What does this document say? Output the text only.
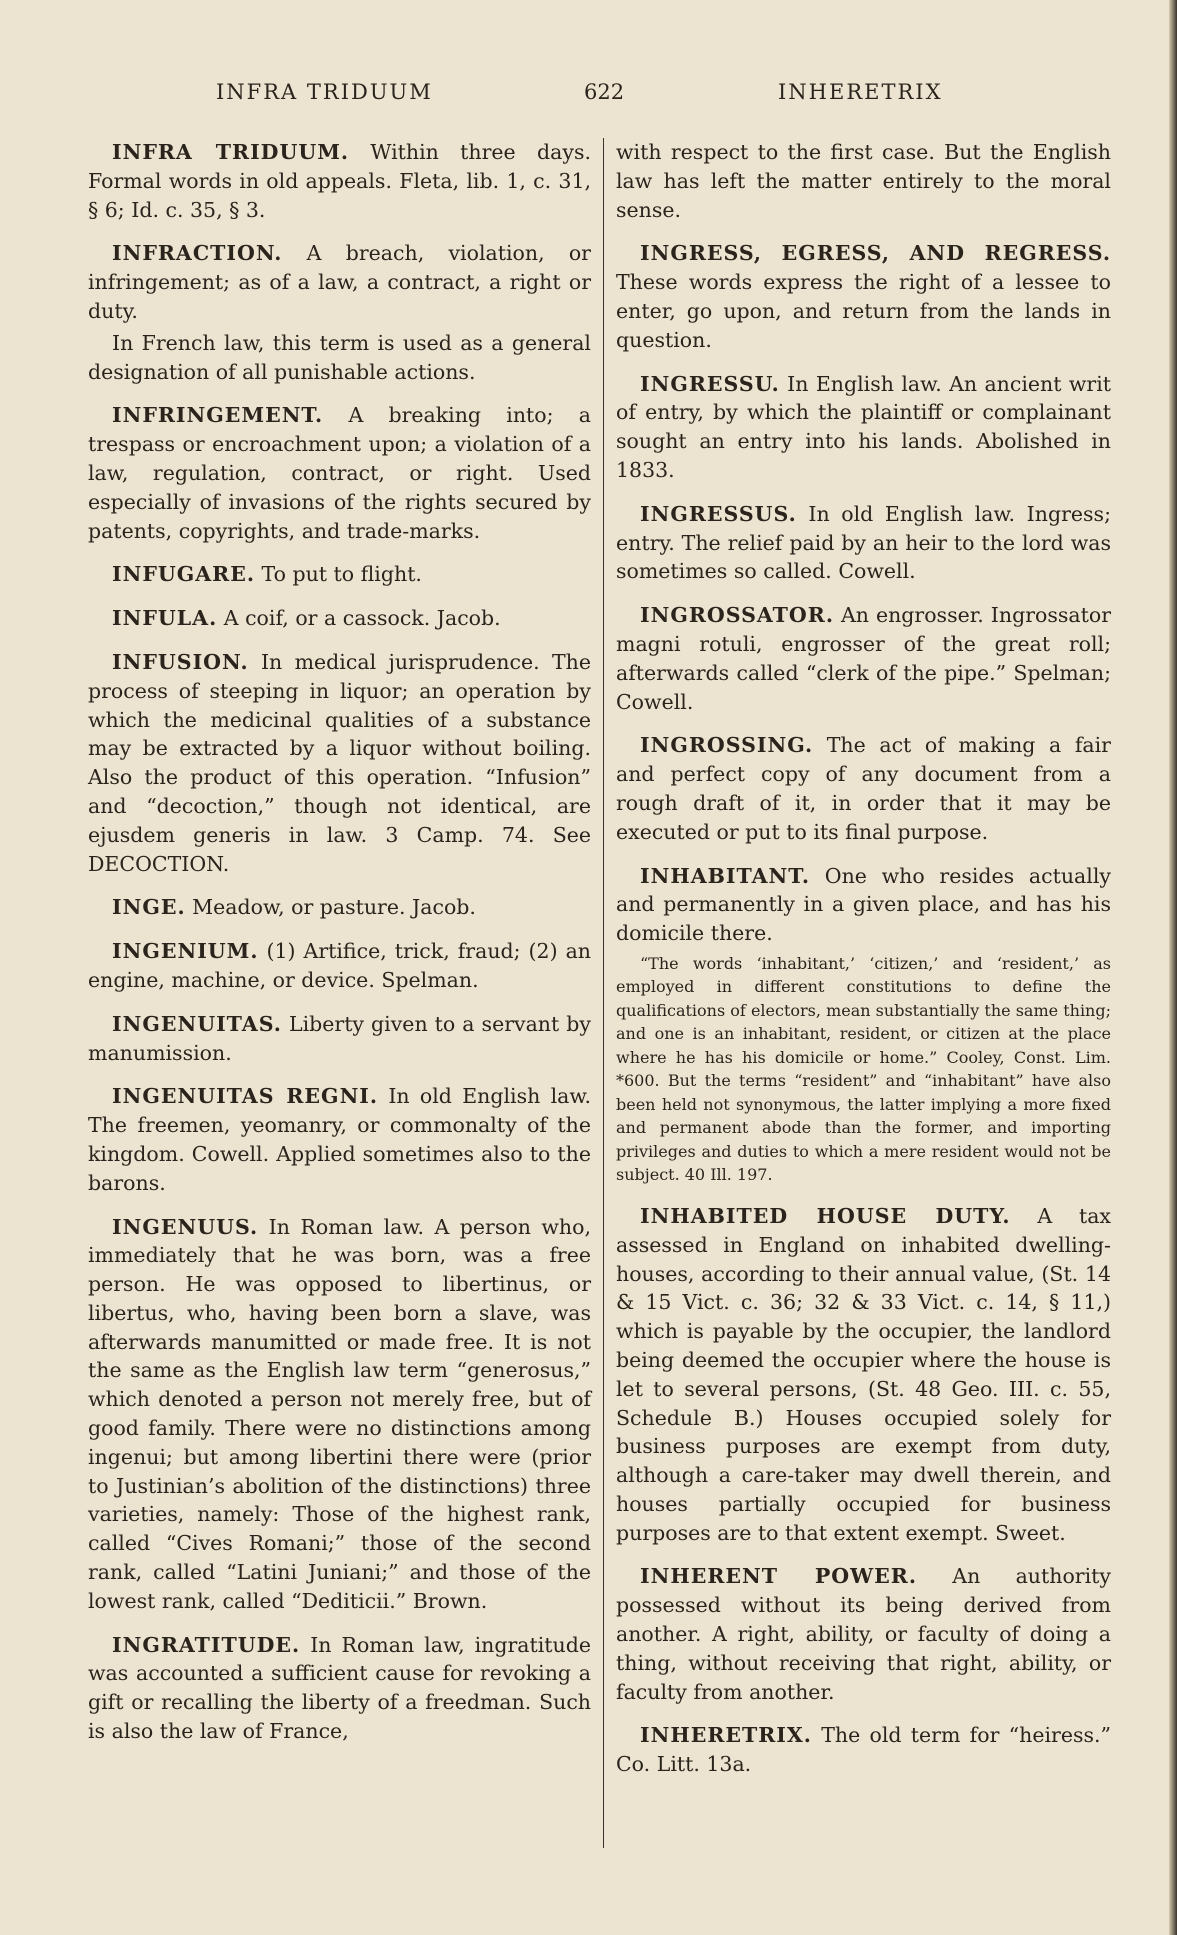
INFRA TRIDUUM	622	INHERETRIX

INFRA TRIDUUM. Within three days. Formal words in old appeals. Fleta, lib. 1, c. 31, § 6; Id. c. 35, § 3.

INFRACTION. A breach, violation, or infringement; as of a law, a contract, a right or duty.

In French law, this term is used as a general designation of all punishable actions.

INFRINGEMENT. A breaking into; a trespass or encroachment upon; a violation of a law, regulation, contract, or right. Used especially of invasions of the rights secured by patents, copyrights, and trade-marks.

INFUGARE. To put to flight.

INFULA. A coif, or a cassock. Jacob.

INFUSION. In medical jurisprudence. The process of steeping in liquor; an operation by which the medicinal qualities of a substance may be extracted by a liquor without boiling. Also the product of this operation. “Infusion” and “decoction,” though not identical, are ejusdem generis in law. 3 Camp. 74. See DECOCTION.

INGE. Meadow, or pasture. Jacob.

INGENIUM. (1) Artifice, trick, fraud; (2) an engine, machine, or device. Spelman.

INGENUITAS. Liberty given to a servant by manumission.

INGENUITAS REGNI. In old English law. The freemen, yeomanry, or commonalty of the kingdom. Cowell. Applied sometimes also to the barons.

INGENUUS. In Roman law. A person who, immediately that he was born, was a free person. He was opposed to libertinus, or libertus, who, having been born a slave, was afterwards manumitted or made free. It is not the same as the English law term “generosus,” which denoted a person not merely free, but of good family. There were no distinctions among ingenui; but among libertini there were (prior to Justinian’s abolition of the distinctions) three varieties, namely: Those of the highest rank, called “Cives Romani;” those of the second rank, called “Latini Juniani;” and those of the lowest rank, called “Dediticii.” Brown.

INGRATITUDE. In Roman law, ingratitude was accounted a sufficient cause for revoking a gift or recalling the liberty of a freedman. Such is also the law of France,

with respect to the first case. But the English law has left the matter entirely to the moral sense.

INGRESS, EGRESS, AND REGRESS. These words express the right of a lessee to enter, go upon, and return from the lands in question.

INGRESSU. In English law. An ancient writ of entry, by which the plaintiff or complainant sought an entry into his lands. Abolished in 1833.

INGRESSUS. In old English law. Ingress; entry. The relief paid by an heir to the lord was sometimes so called. Cowell.

INGROSSATOR. An engrosser. Ingrossator magni rotuli, engrosser of the great roll; afterwards called “clerk of the pipe.” Spelman; Cowell.

INGROSSING. The act of making a fair and perfect copy of any document from a rough draft of it, in order that it may be executed or put to its final purpose.

INHABITANT. One who resides actually and permanently in a given place, and has his domicile there.

“The words ‘inhabitant,’ ‘citizen,’ and ‘resident,’ as employed in different constitutions to define the qualifications of electors, mean substantially the same thing; and one is an inhabitant, resident, or citizen at the place where he has his domicile or home.” Cooley, Const. Lim. *600. But the terms “resident” and “inhabitant” have also been held not synonymous, the latter implying a more fixed and permanent abode than the former, and importing privileges and duties to which a mere resident would not be subject. 40 Ill. 197.

INHABITED HOUSE DUTY. A tax assessed in England on inhabited dwelling-houses, according to their annual value, (St. 14 & 15 Vict. c. 36; 32 & 33 Vict. c. 14, § 11,) which is payable by the occupier, the landlord being deemed the occupier where the house is let to several persons, (St. 48 Geo. III. c. 55, Schedule B.) Houses occupied solely for business purposes are exempt from duty, although a care-taker may dwell therein, and houses partially occupied for business purposes are to that extent exempt. Sweet.

INHERENT POWER. An authority possessed without its being derived from another. A right, ability, or faculty of doing a thing, without receiving that right, ability, or faculty from another.

INHERETRIX. The old term for “heiress.” Co. Litt. 13a.
